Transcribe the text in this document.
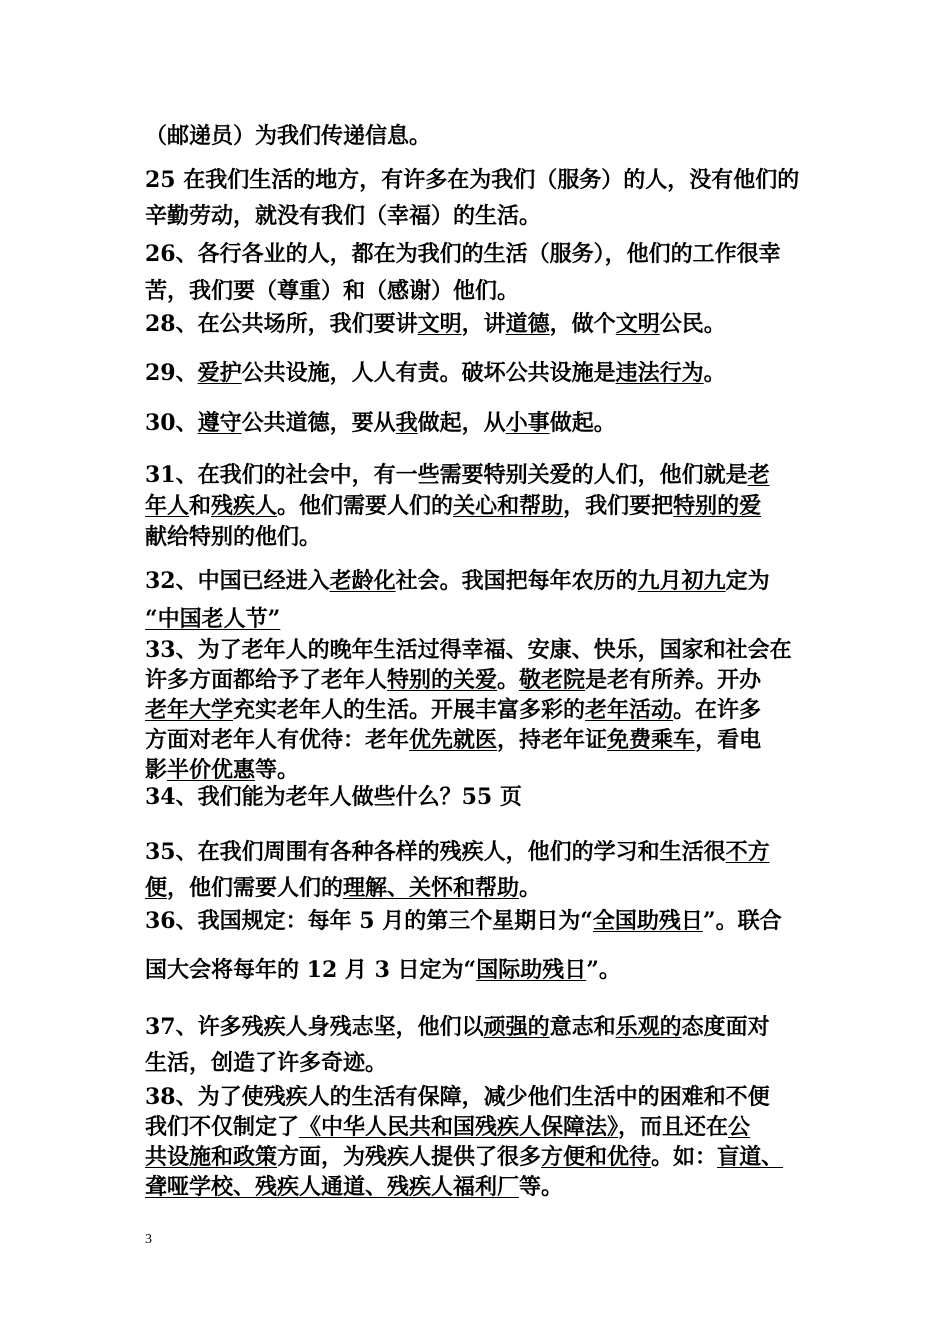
（邮递员）为我们传递信息。
25 在我们生活的地方，有许多在为我们（服务）的人，没有他们的
辛勤劳动，就没有我们（幸福）的生活。
26、各行各业的人，都在为我们的生活（服务），他们的工作很幸
苦，我们要（尊重）和（感谢）他们。
28、在公共场所，我们要讲文明，讲道德，做个文明公民。
29、爱护公共设施，人人有责。破坏公共设施是违法行为。
30、遵守公共道德，要从我做起，从小事做起。
31、在我们的社会中，有一些需要特别关爱的人们，他们就是老
年人和残疾人。他们需要人们的关心和帮助，我们要把特别的爱
献给特别的他们。
32、中国已经进入老龄化社会。我国把每年农历的九月初九定为
“中国老人节”
33、为了老年人的晚年生活过得幸福、安康、快乐，国家和社会在
许多方面都给予了老年人特别的关爱。敬老院是老有所养。开办
老年大学充实老年人的生活。开展丰富多彩的老年活动。在许多
方面对老年人有优待：老年优先就医，持老年证免费乘车，看电
影半价优惠等。
34、我们能为老年人做些什么？55 页
35、在我们周围有各种各样的残疾人，他们的学习和生活很不方
便，他们需要人们的理解、关怀和帮助。
36、我国规定：每年 5 月的第三个星期日为“全国助残日”。联合
国大会将每年的 12 月 3 日定为“国际助残日”。
37、许多残疾人身残志坚，他们以顽强的意志和乐观的态度面对
生活，创造了许多奇迹。
38、为了使残疾人的生活有保障，减少他们生活中的困难和不便
我们不仅制定了《中华人民共和国残疾人保障法》，而且还在公
共设施和政策方面，为残疾人提供了很多方便和优待。如：盲道、
聋哑学校、残疾人通道、残疾人福利厂等。
3
